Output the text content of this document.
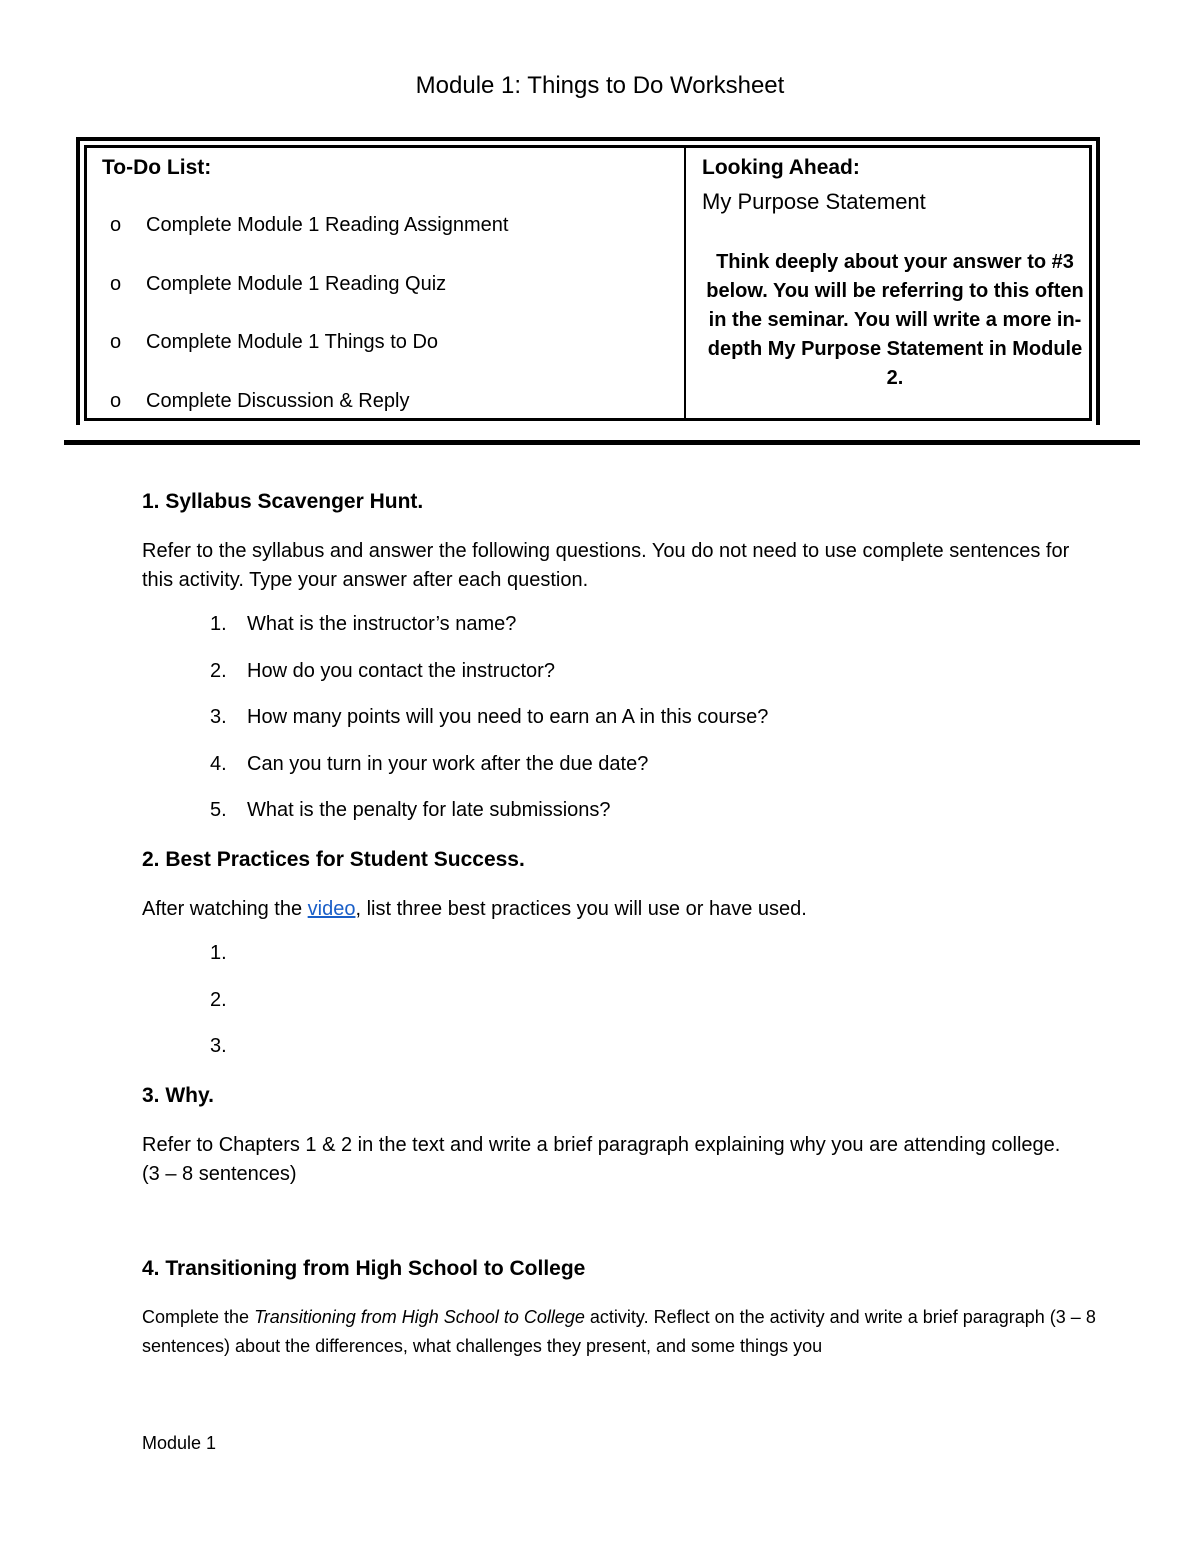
Module 1: Things to Do Worksheet
To-Do List:
o	Complete Module 1 Reading Assignment
o	Complete Module 1 Reading Quiz
o	Complete Module 1 Things to Do
o	Complete Discussion & Reply
Looking Ahead:
My Purpose Statement
Think deeply about your answer to #3 below. You will be referring to this often in the seminar. You will write a more in-depth My Purpose Statement in Module 2.
1. Syllabus Scavenger Hunt.
Refer to the syllabus and answer the following questions. You do not need to use complete sentences for this activity. Type your answer after each question.
1.	What is the instructor’s name?
2.	How do you contact the instructor?
3.	How many points will you need to earn an A in this course?
4.	Can you turn in your work after the due date?
5.	What is the penalty for late submissions?
2. Best Practices for Student Success.
After watching the video, list three best practices you will use or have used.
1.
2.
3.
3. Why.
Refer to Chapters 1 & 2 in the text and write a brief paragraph explaining why you are attending college. (3 – 8 sentences)
4. Transitioning from High School to College
Complete the Transitioning from High School to College activity. Reflect on the activity and write a brief paragraph (3 – 8 sentences) about the differences, what challenges they present, and some things you
Module 1
